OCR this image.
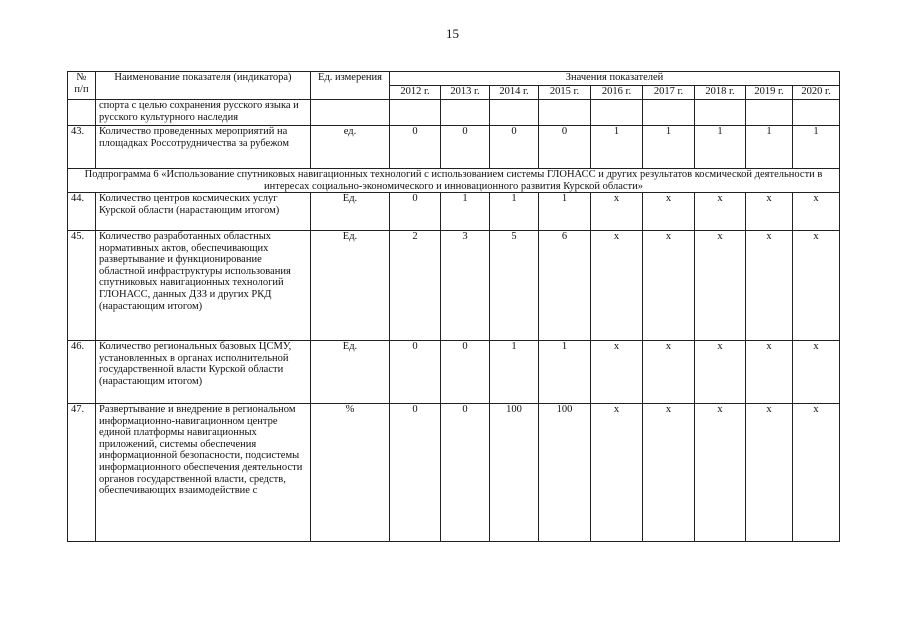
15
№ п/п	Наименование показателя (индикатора)	Ед. измерения	Значения показателей								
			2012 г.	2013 г.	2014 г.	2015 г.	2016 г.	2017 г.	2018 г.	2019 г.	2020 г.
	спорта с целью сохранения русского языка и русского культурного наследия										
43.	Количество проведенных мероприятий на площадках Россотрудничества за рубежом	ед.	0	0	0	0	1	1	1	1	1
Подпрограмма 6 «Использование спутниковых навигационных технологий с использованием системы ГЛОНАСС и других результатов космической деятельности в интересах социально-экономического и инновационного развития Курской области»											
44.	Количество центров космических услуг Курской области (нарастающим итогом)	Ед.	0	1	1	1	х	х	х	х	х
45.	Количество разработанных областных нормативных актов, обеспечивающих развертывание и функционирование областной инфраструктуры использования спутниковых навигационных технологий ГЛОНАСС, данных ДЗЗ и других РКД (нарастающим итогом)	Ед.	2	3	5	6	х	х	х	х	х
46.	Количество региональных базовых ЦСМУ, установленных в органах исполнительной государственной власти Курской области (нарастающим итогом)	Ед.	0	0	1	1	х	х	х	х	х
47.	Развертывание и внедрение в региональном информационно-навигационном центре единой платформы навигационных приложений, системы обеспечения информационной безопасности, подсистемы информационного обеспечения деятельности органов государственной власти, средств, обеспечивающих взаимодействие с	%	0	0	100	100	х	х	х	х	х
